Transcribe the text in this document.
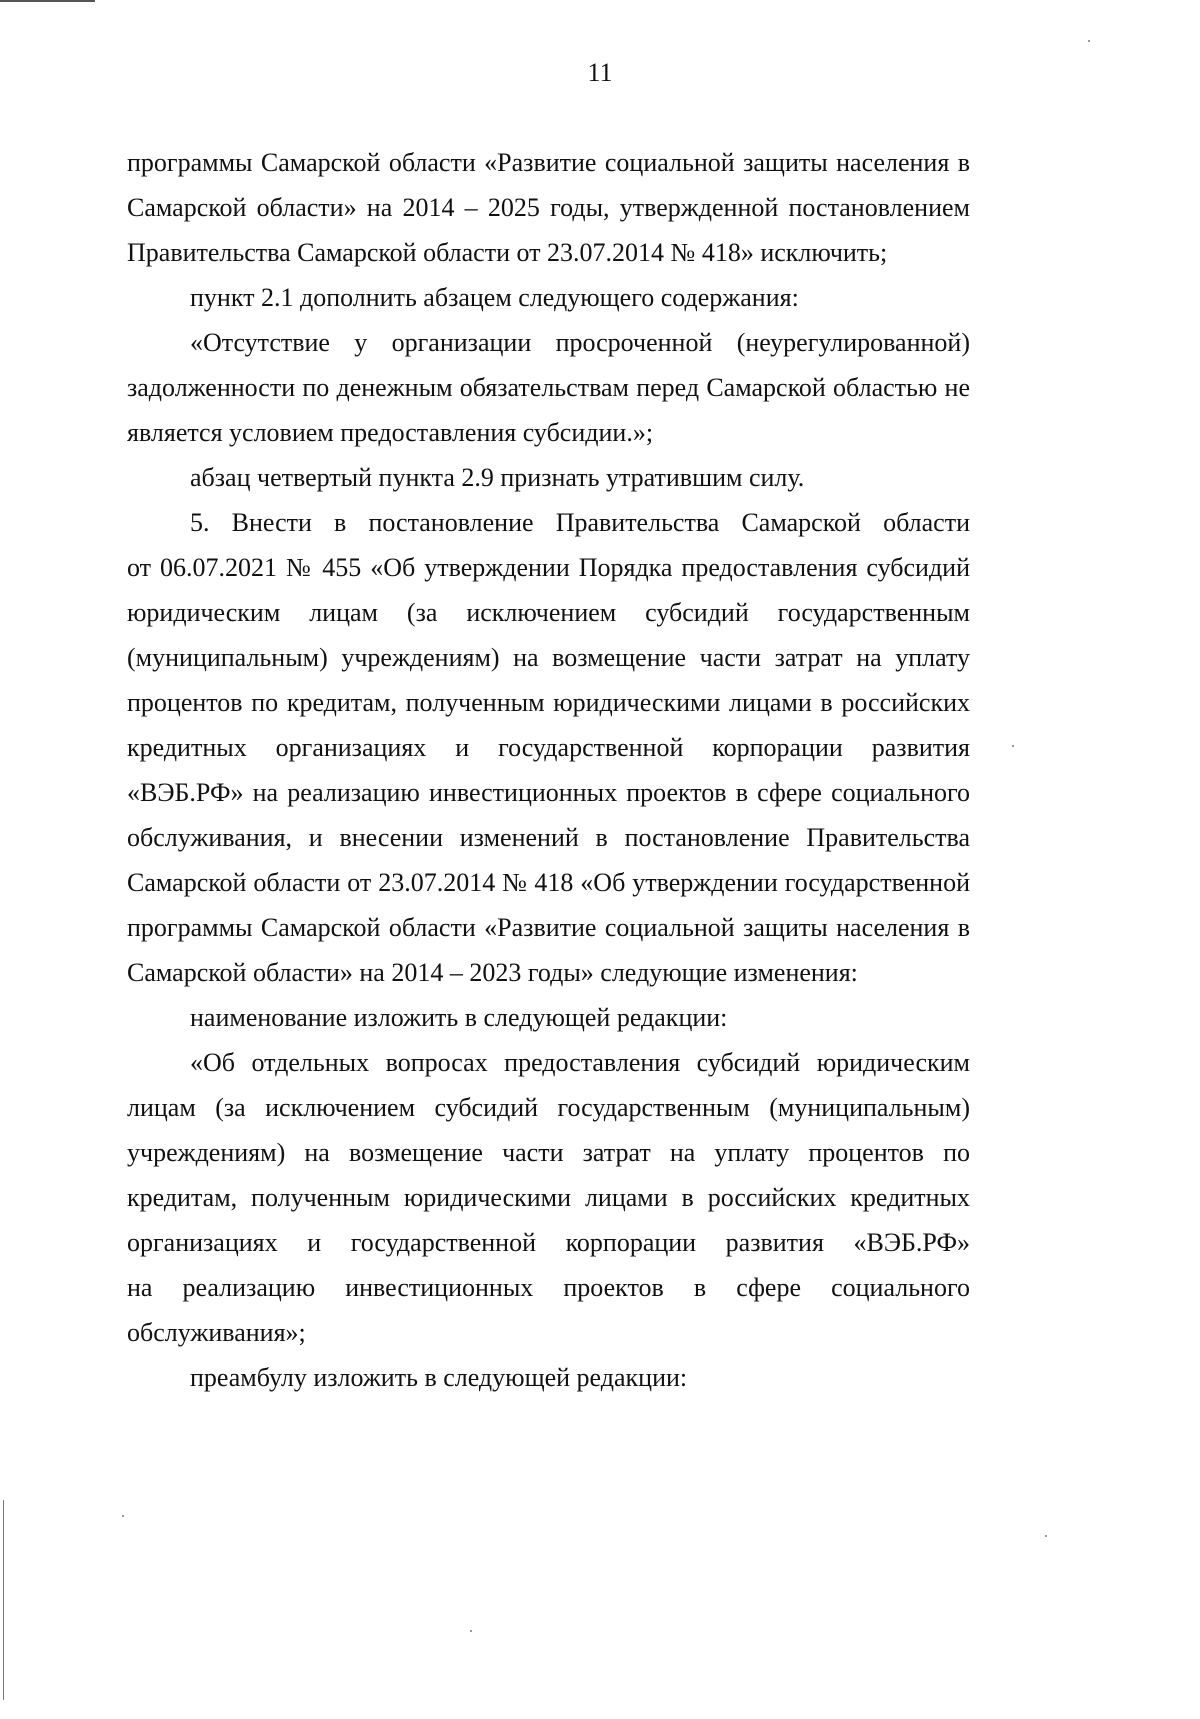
11
программы Самарской области «Развитие социальной защиты населения в
Самарской области» на 2014 – 2025 годы, утвержденной постановлением
Правительства Самарской области от 23.07.2014 № 418» исключить;
пункт 2.1 дополнить абзацем следующего содержания:
«Отсутствие у организации просроченной (неурегулированной)
задолженности по денежным обязательствам перед Самарской областью не
является условием предоставления субсидии.»;
абзац четвертый пункта 2.9 признать утратившим силу.
5. Внести в постановление Правительства Самарской области
от 06.07.2021 № 455 «Об утверждении Порядка предоставления субсидий
юридическим лицам (за исключением субсидий государственным
(муниципальным) учреждениям) на возмещение части затрат на уплату
процентов по кредитам, полученным юридическими лицами в российских
кредитных организациях и государственной корпорации развития
«ВЭБ.РФ» на реализацию инвестиционных проектов в сфере социального
обслуживания, и внесении изменений в постановление Правительства
Самарской области от 23.07.2014 № 418 «Об утверждении государственной
программы Самарской области «Развитие социальной защиты населения в
Самарской области» на 2014 – 2023 годы» следующие изменения:
наименование изложить в следующей редакции:
«Об отдельных вопросах предоставления субсидий юридическим
лицам (за исключением субсидий государственным (муниципальным)
учреждениям) на возмещение части затрат на уплату процентов по
кредитам, полученным юридическими лицами в российских кредитных
организациях и государственной корпорации развития «ВЭБ.РФ»
на реализацию инвестиционных проектов в сфере социального
обслуживания»;
преамбулу изложить в следующей редакции:
